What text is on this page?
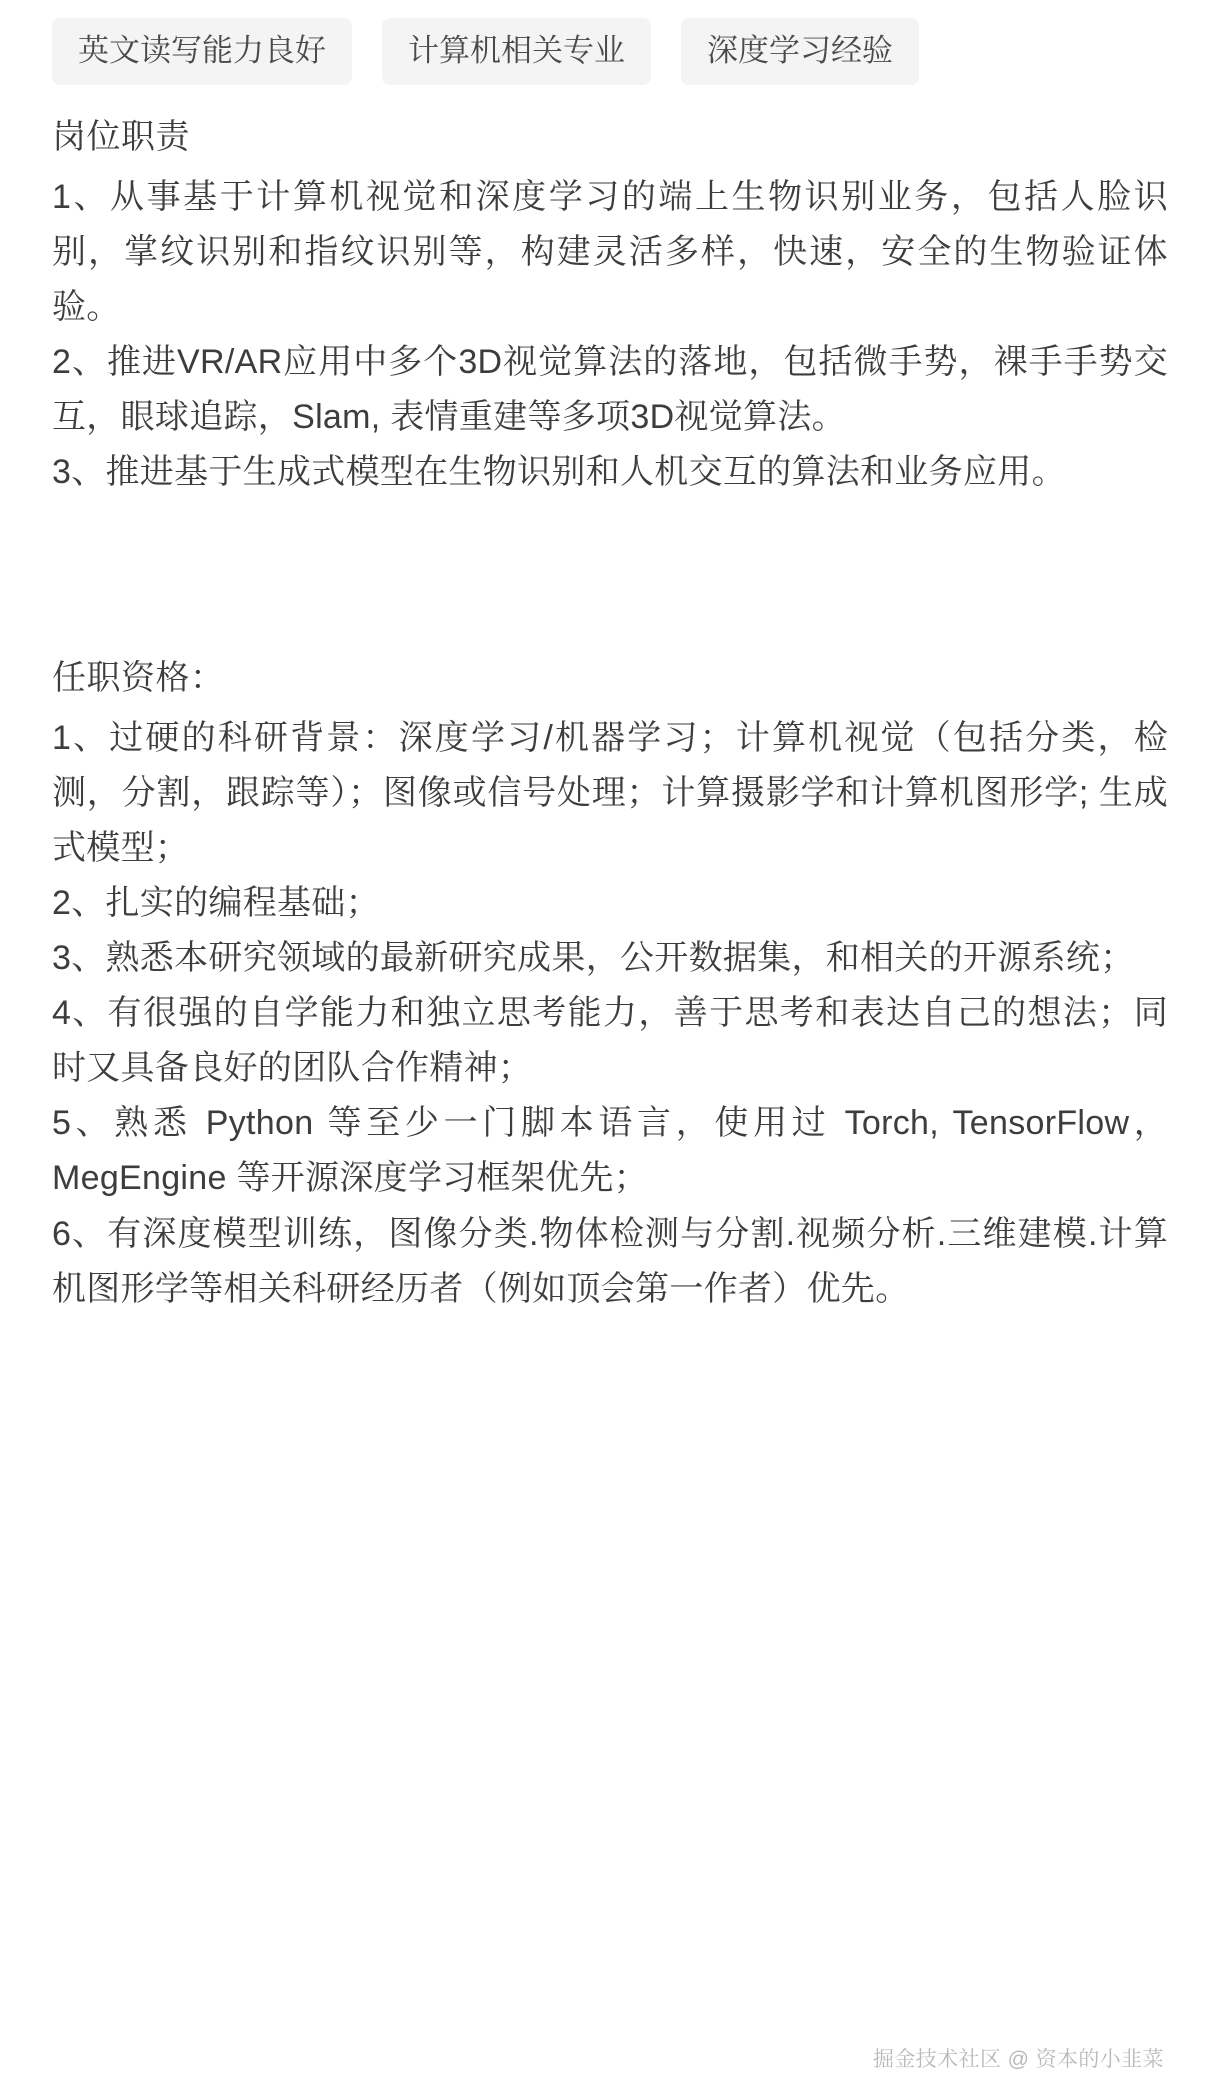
英文读写能力良好	计算机相关专业	深度学习经验
岗位职责

1、从事基于计算机视觉和深度学习的端上生物识别业务，包括人脸识别，掌纹识别和指纹识别等，构建灵活多样，快速，安全的生物验证体验。

2、推进VR/AR应用中多个3D视觉算法的落地，包括微手势，裸手手势交互，眼球追踪，Slam, 表情重建等多项3D视觉算法。

3、推进基于生成式模型在生物识别和人机交互的算法和业务应用。

任职资格：

1、过硬的科研背景：深度学习/机器学习；计算机视觉（包括分类，检测，分割，跟踪等）；图像或信号处理；计算摄影学和计算机图形学; 生成式模型；

2、扎实的编程基础；

3、熟悉本研究领域的最新研究成果，公开数据集，和相关的开源系统；

4、有很强的自学能力和独立思考能力，善于思考和表达自己的想法；同时又具备良好的团队合作精神；

5、熟悉 Python 等至少一门脚本语言，使用过 Torch, TensorFlow，MegEngine 等开源深度学习框架优先；

6、有深度模型训练，图像分类.物体检测与分割.视频分析.三维建模.计算机图形学等相关科研经历者（例如顶会第一作者）优先。

掘金技术社区 @ 资本的小韭菜
